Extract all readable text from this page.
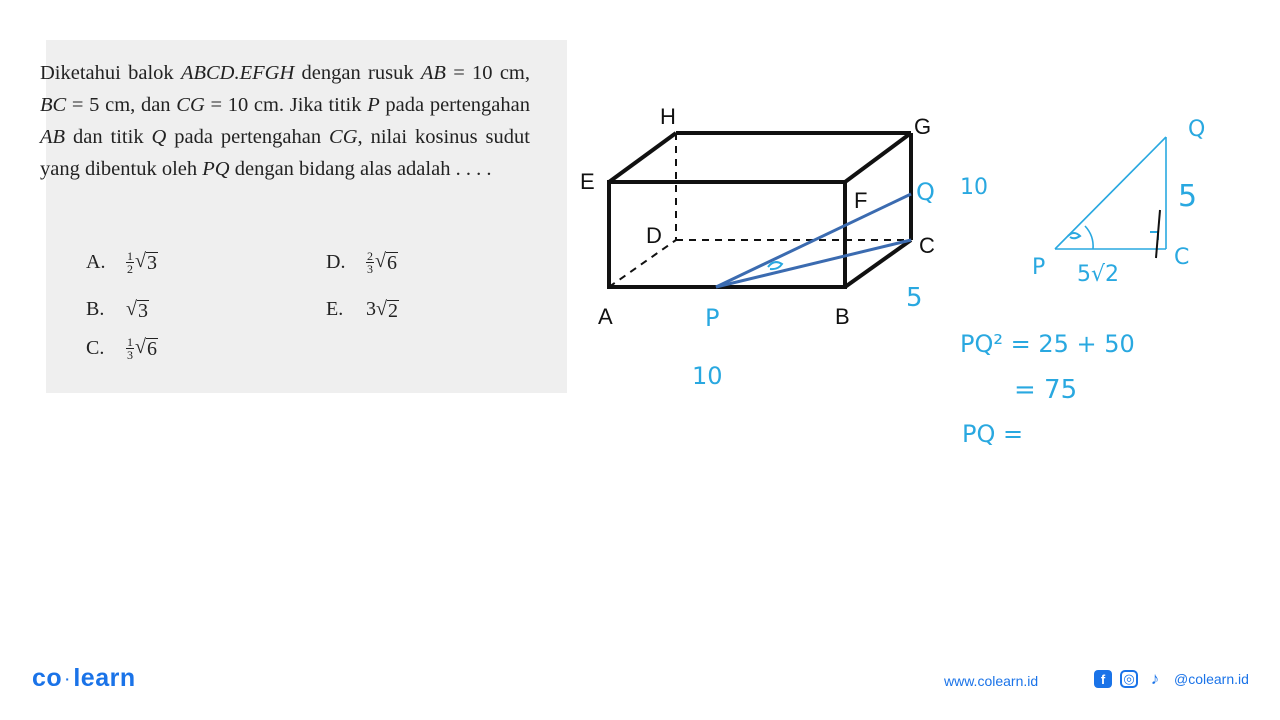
Diketahui balok ABCD.EFGH dengan rusuk AB = 10 cm, BC = 5 cm, dan CG = 10 cm. Jika titik P pada pertengahan AB dan titik Q pada pertengahan CG, nilai kosinus sudut yang dibentuk oleh PQ dengan bidang alas adalah . . . .

A. $\frac{1}{2}$ √ 3
B. √ 3
C.	$\frac{1}{3}$ √ 6
D. $\frac{2}{3}$ √ 6
E. 3 √ 2
H	G
E
F
D	C
A	B
P
Q 10
5
10
Q
5
P 5√2
C
PQ² = 25 + 50
= 75
PQ =
co · learn	www.colearn.id	f	◎ ♪	@colearn.id
